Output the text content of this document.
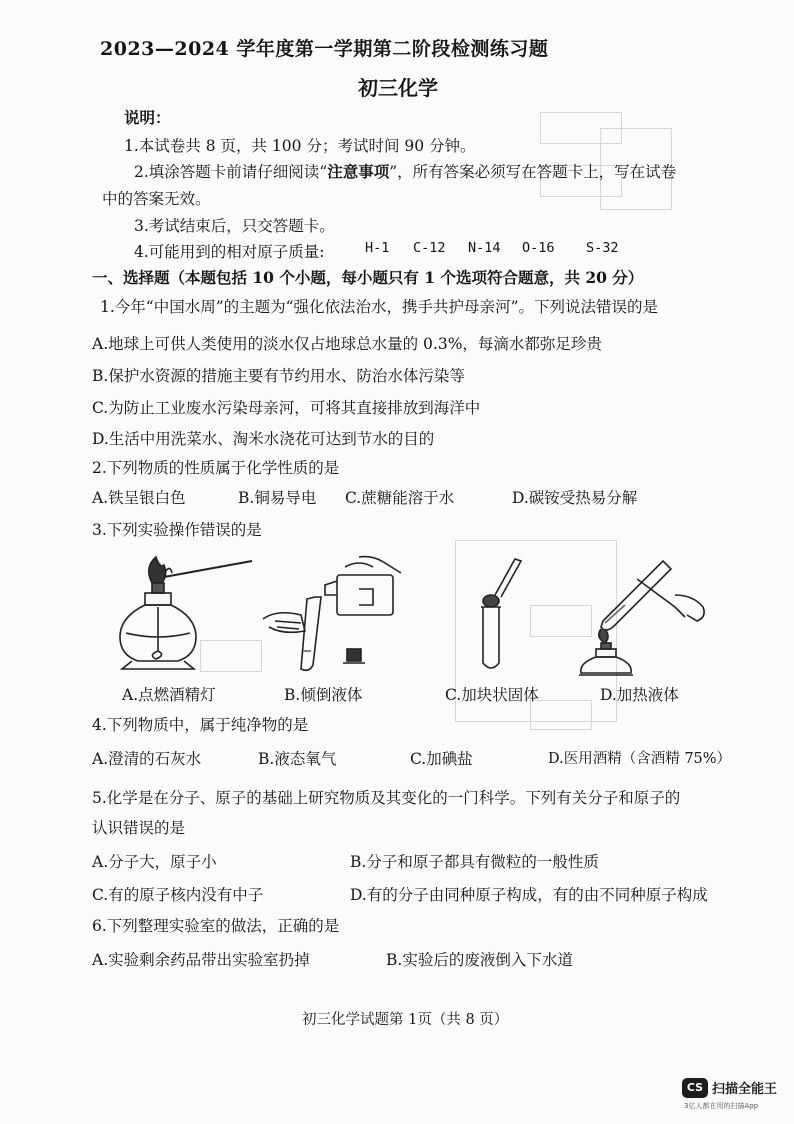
2023—2024 学年度第一学期第二阶段检测练习题
初三化学
说明：
1.本试卷共 8 页，共 100 分；考试时间 90 分钟。
2.填涂答题卡前请仔细阅读“注意事项”，所有答案必须写在答题卡上，写在试卷
中的答案无效。
3.考试结束后，只交答题卡。
4.可能用到的相对原子质量:	H-1 C-12 N-14 O-16 S-32
一、选择题（本题包括 10 个小题，每小题只有 1 个选项符合题意，共 20 分）
1.今年“中国水周”的主题为“强化依法治水，携手共护母亲河”。下列说法错误的是
A.地球上可供人类使用的淡水仅占地球总水量的 0.3%，每滴水都弥足珍贵
B.保护水资源的措施主要有节约用水、防治水体污染等
C.为防止工业废水污染母亲河，可将其直接排放到海洋中
D.生活中用洗菜水、淘米水浇花可达到节水的目的
2.下列物质的性质属于化学性质的是
A.铁呈银白色	B.铜易导电 C.蔗糖能溶于水	D.碳铵受热易分解
3.下列实验操作错误的是
A.点燃酒精灯	B.倾倒液体	C.加块状固体	D.加热液体
4.下列物质中，属于纯净物的是
A.澄清的石灰水	B.液态氧气	C.加碘盐	D.医用酒精（含酒精 75%）
5.化学是在分子、原子的基础上研究物质及其变化的一门科学。下列有关分子和原子的
认识错误的是
A.分子大，原子小	B.分子和原子都具有微粒的一般性质
C.有的原子核内没有中子	D.有的分子由同种原子构成，有的由不同种原子构成
6.下列整理实验室的做法，正确的是
A.实验剩余药品带出实验室扔掉	B.实验后的废液倒入下水道
初三化学试题第 1页（共 8 页）
CS 扫描全能王
3亿人都在用的扫描App
